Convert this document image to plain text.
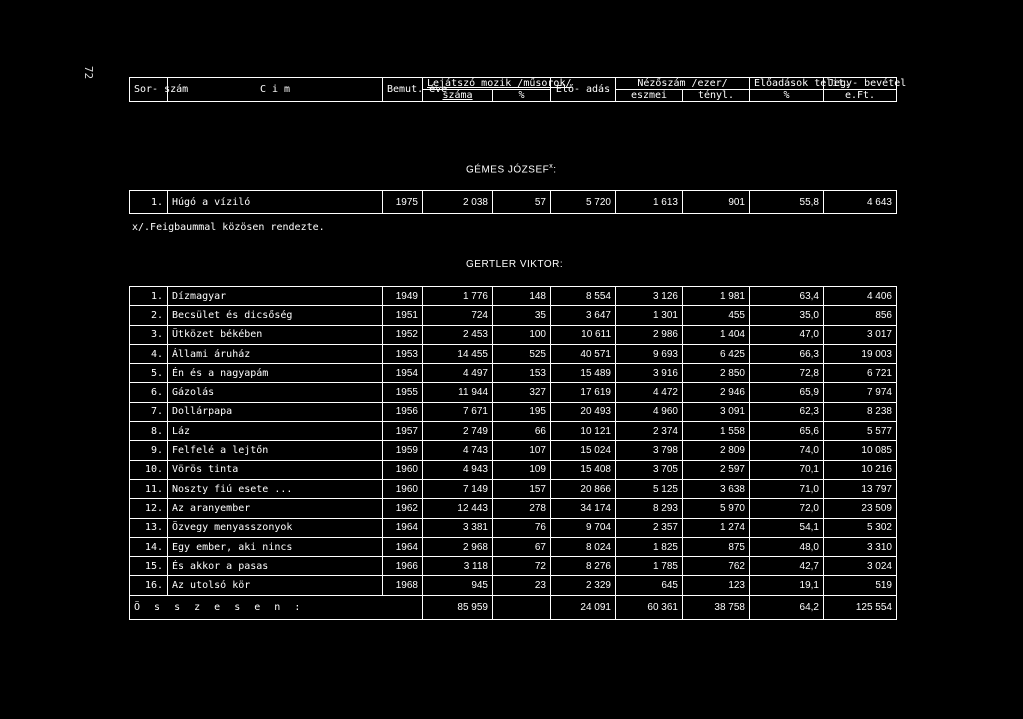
72
Sor- szám	C i m	Bemut. éve	Lejátszó mozik /műsorok/		Elő- adás	Nézőszám /ezer/		Előadások telit.	Jegy- bevétel
			száma	%		eszmei	tényl.	%	e.Ft.
GÉMES JÓZSEF$^x$:
1.	Húgó a víziló	1975	2 038	57	5 720	1 613	901	55,8	4 643
x/.Feigbaummal közösen rendezte.
GERTLER VIKTOR:
1.	Dízmagyar	1949	1 776	148	8 554	3 126	1 981	63,4	4 406
2.	Becsület és dicsőség	1951	724	35	3 647	1 301	455	35,0	856
3.	Ütközet békében	1952	2 453	100	10 611	2 986	1 404	47,0	3 017
4.	Állami áruház	1953	14 455	525	40 571	9 693	6 425	66,3	19 003
5.	Én és a nagyapám	1954	4 497	153	15 489	3 916	2 850	72,8	6 721
6.	Gázolás	1955	11 944	327	17 619	4 472	2 946	65,9	7 974
7.	Dollárpapa	1956	7 671	195	20 493	4 960	3 091	62,3	8 238
8.	Láz	1957	2 749	66	10 121	2 374	1 558	65,6	5 577
9.	Felfelé a lejtőn	1959	4 743	107	15 024	3 798	2 809	74,0	10 085
10.	Vörös tinta	1960	4 943	109	15 408	3 705	2 597	70,1	10 216
11.	Noszty fiú esete ...	1960	7 149	157	20 866	5 125	3 638	71,0	13 797
12.	Az aranyember	1962	12 443	278	34 174	8 293	5 970	72,0	23 509
13.	Özvegy menyasszonyok	1964	3 381	76	9 704	2 357	1 274	54,1	5 302
14.	Egy ember, aki nincs	1964	2 968	67	8 024	1 825	875	48,0	3 310
15.	És akkor a pasas	1966	3 118	72	8 276	1 785	762	42,7	3 024
16.	Az utolsó kör	1968	945	23	2 329	645	123	19,1	519
Ö s s z e s e n :			85 959		24 091	60 361	38 758	64,2	125 554
